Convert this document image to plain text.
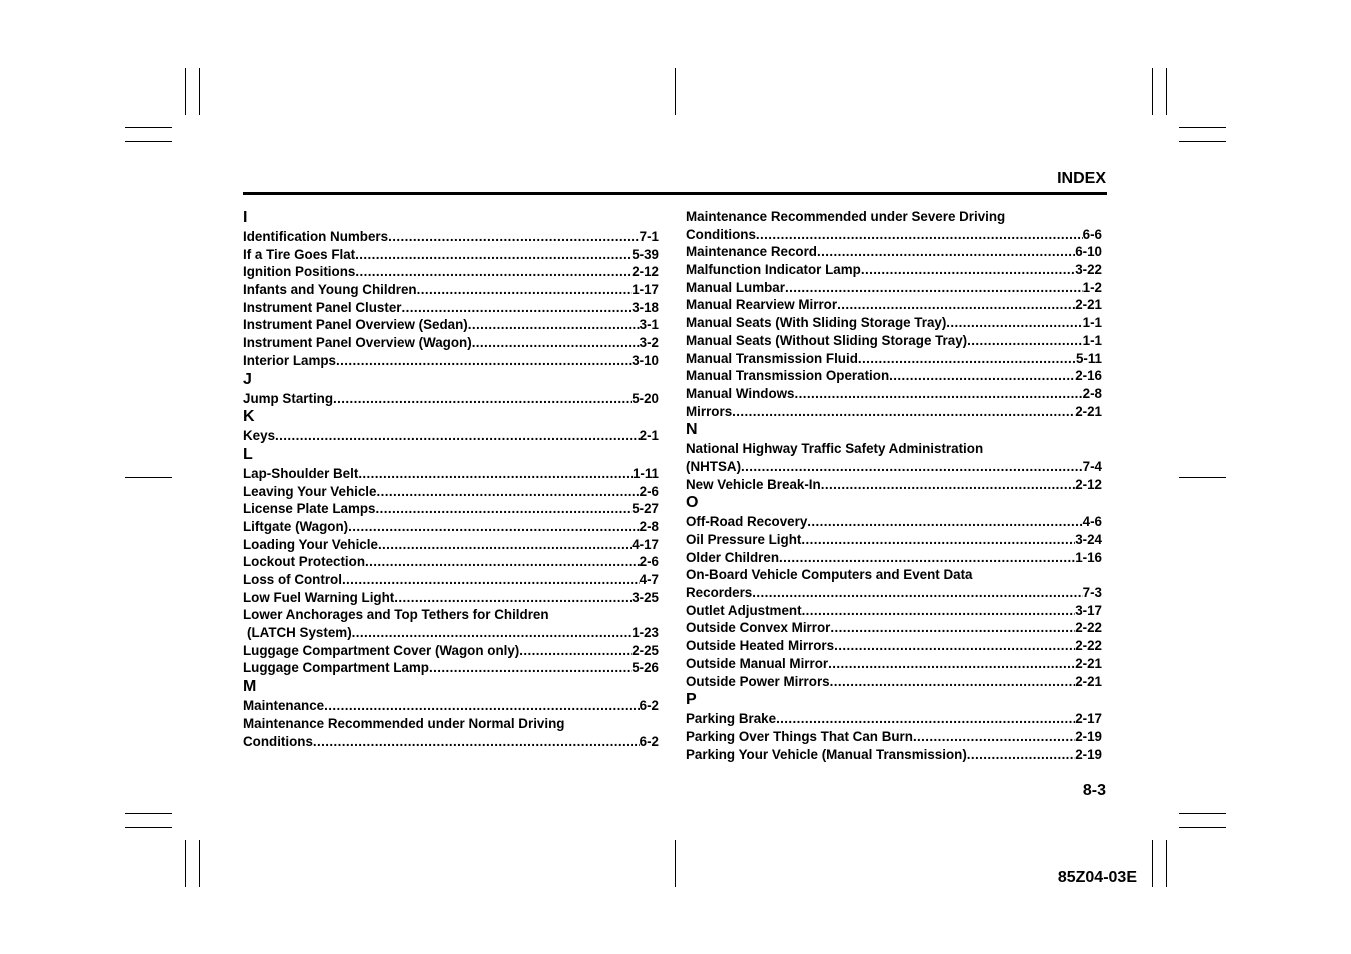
INDEX
I
Identification Numbers .....	7-1
If a Tire Goes Flat .....	5-39
Ignition Positions .....	2-12
Infants and Young Children .....	1-17
Instrument Panel Cluster .....	3-18
Instrument Panel Overview (Sedan) .....	3-1
Instrument Panel Overview (Wagon) .....	3-2
Interior Lamps .....	3-10
J
Jump Starting .....	5-20
K
Keys .....	2-1
L
Lap-Shoulder Belt .....	1-11
Leaving Your Vehicle .....	2-6
License Plate Lamps .....	5-27
Liftgate (Wagon) .....	2-8
Loading Your Vehicle .....	4-17
Lockout Protection .....	2-6
Loss of Control .....	4-7
Low Fuel Warning Light .....	3-25
Lower Anchorages and Top Tethers for Children
(LATCH System) .....	1-23
Luggage Compartment Cover (Wagon only) .....	2-25
Luggage Compartment Lamp .....	5-26
M
Maintenance .....	6-2
Maintenance Recommended under Normal Driving
Conditions .....	6-2
Maintenance Recommended under Severe Driving
Conditions .....	6-6
Maintenance Record .....	6-10
Malfunction Indicator Lamp .....	3-22
Manual Lumbar .....	1-2
Manual Rearview Mirror .....	2-21
Manual Seats (With Sliding Storage Tray) .....	1-1
Manual Seats (Without Sliding Storage Tray) .....	1-1
Manual Transmission Fluid .....	5-11
Manual Transmission Operation .....	2-16
Manual Windows .....	2-8
Mirrors .....	2-21
N
National Highway Traffic Safety Administration
(NHTSA) .....	7-4
New Vehicle Break-In .....	2-12
O
Off-Road Recovery .....	4-6
Oil Pressure Light .....	3-24
Older Children .....	1-16
On-Board Vehicle Computers and Event Data
Recorders .....	7-3
Outlet Adjustment .....	3-17
Outside Convex Mirror .....	2-22
Outside Heated Mirrors .....	2-22
Outside Manual Mirror .....	2-21
Outside Power Mirrors .....	2-21
P
Parking Brake .....	2-17
Parking Over Things That Can Burn .....	2-19
Parking Your Vehicle (Manual Transmission) .....	2-19
8-3
85Z04-03E
